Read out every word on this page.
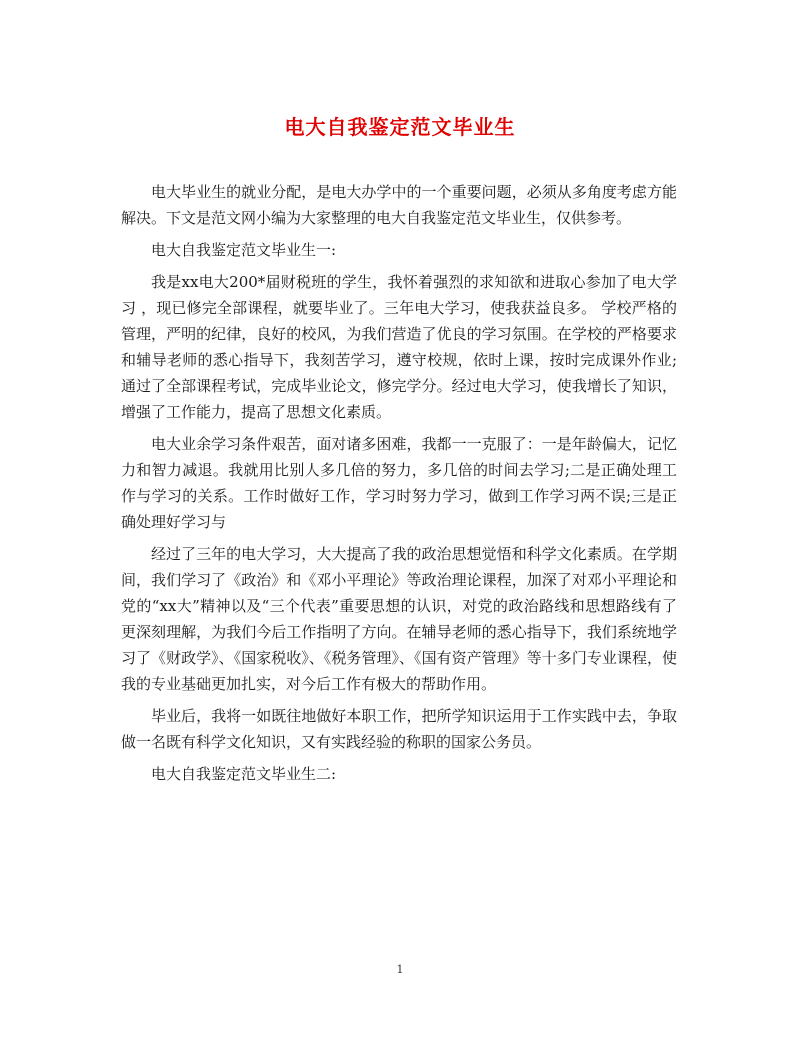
电大自我鉴定范文毕业生

电大毕业生的就业分配，是电大办学中的一个重要问题，必须从多角度考虑方能解决。下文是范文网小编为大家整理的电大自我鉴定范文毕业生，仅供参考。

电大自我鉴定范文毕业生一:

我是xx电大200*届财税班的学生，我怀着强烈的求知欲和进取心参加了电大学习 ，现已修完全部课程，就要毕业了。三年电大学习，使我获益良多。 学校严格的管理，严明的纪律，良好的校风，为我们营造了优良的学习氛围。在学校的严格要求和辅导老师的悉心指导下，我刻苦学习，遵守校规，依时上课，按时完成课外作业;通过了全部课程考试，完成毕业论文，修完学分。经过电大学习，使我增长了知识，增强了工作能力，提高了思想文化素质。

电大业余学习条件艰苦，面对诸多困难，我都一一克服了：一是年龄偏大，记忆力和智力减退。我就用比别人多几倍的努力，多几倍的时间去学习;二是正确处理工作与学习的关系。工作时做好工作，学习时努力学习，做到工作学习两不误;三是正确处理好学习与

经过了三年的电大学习，大大提高了我的政治思想觉悟和科学文化素质。在学期间，我们学习了《政治》和《邓小平理论》等政治理论课程，加深了对邓小平理论和党的“xx大”精神以及“三个代表”重要思想的认识，对党的政治路线和思想路线有了更深刻理解，为我们今后工作指明了方向。在辅导老师的悉心指导下，我们系统地学习了《财政学》、《国家税收》、《税务管理》、《国有资产管理》等十多门专业课程，使我的专业基础更加扎实，对今后工作有极大的帮助作用。

毕业后，我将一如既往地做好本职工作，把所学知识运用于工作实践中去，争取做一名既有科学文化知识，又有实践经验的称职的国家公务员。

电大自我鉴定范文毕业生二:

1
